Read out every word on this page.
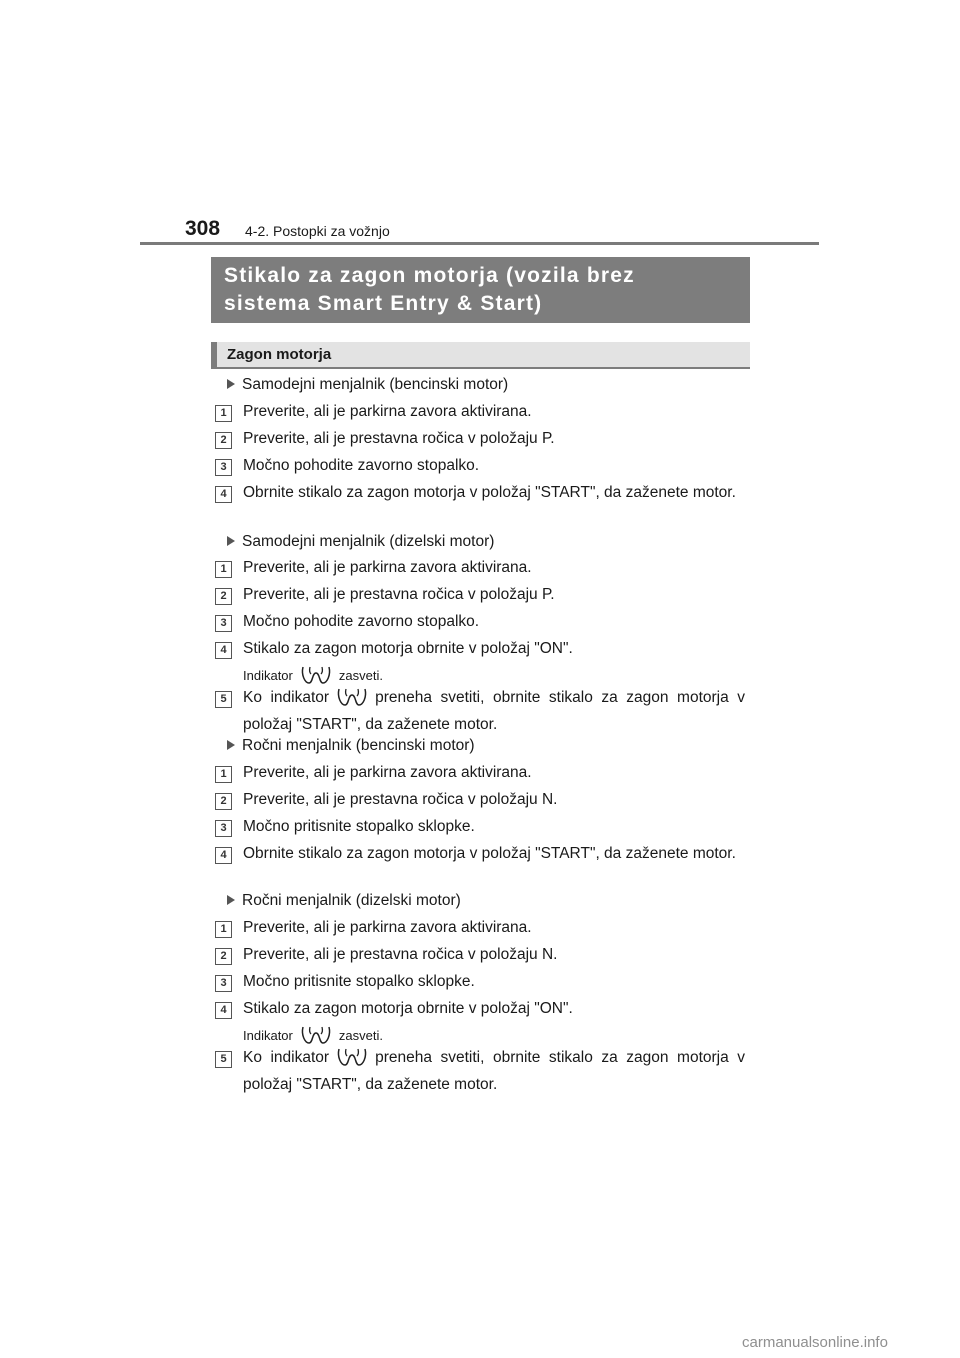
308 4-2. Postopki za vožnjo
Stikalo za zagon motorja (vozila brez
sistema Smart Entry & Start)
Zagon motorja
Samodejni menjalnik (bencinski motor)
1	Preverite, ali je parkirna zavora aktivirana.
2	Preverite, ali je prestavna ročica v položaju P.
3	Močno pohodite zavorno stopalko.
4	Obrnite stikalo za zagon motorja v položaj "START", da zaženete motor.
Samodejni menjalnik (dizelski motor)
1	Preverite, ali je parkirna zavora aktivirana.
2	Preverite, ali je prestavna ročica v položaju P.
3	Močno pohodite zavorno stopalko.
4	Stikalo za zagon motorja obrnite v položaj "ON".
Indikator	zasveti.
5	Ko indikator	preneha svetiti, obrnite stikalo za zagon motorja v položaj "START", da zaženete motor.
Ročni menjalnik (bencinski motor)
1	Preverite, ali je parkirna zavora aktivirana.
2	Preverite, ali je prestavna ročica v položaju N.
3	Močno pritisnite stopalko sklopke.
4	Obrnite stikalo za zagon motorja v položaj "START", da zaženete motor.
Ročni menjalnik (dizelski motor)
1	Preverite, ali je parkirna zavora aktivirana.
2	Preverite, ali je prestavna ročica v položaju N.
3	Močno pritisnite stopalko sklopke.
4	Stikalo za zagon motorja obrnite v položaj "ON".
Indikator	zasveti.
5	Ko indikator	preneha svetiti, obrnite stikalo za zagon motorja v položaj "START", da zaženete motor.
carmanualsonline.info
